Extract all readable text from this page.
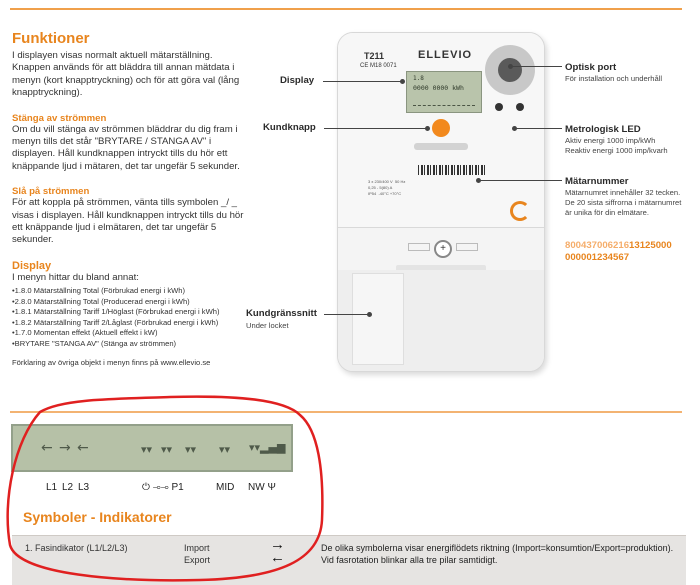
Funktioner
I displayen visas normalt aktuell mätarställning. Knappen används för att bläddra till annan mätdata i menyn (kort knapptryckning) och för att göra val (lång knapptryckning).
Stänga av strömmen
Om du vill stänga av strömmen bläddrar du dig fram i menyn tills det står "BRYTARE / STANGA AV" i displayen. Håll kundknappen intryckt tills du hör ett knäppande ljud i mätaren, det tar ungefär 5 sekunder.
Slå på strömmen
För att koppla på strömmen, vänta tills symbolen _/ _ visas i displayen. Håll kundknappen intryckt tills du hör ett knäppande ljud i elmätaren, det tar ungefär 5 sekunder.
Display
I menyn hittar du bland annat:
• 1.8.0 Mätarställning Total (Förbrukad energi i kWh)
• 2.8.0 Mätarställning Total (Producerad energi i kWh)
• 1.8.1 Mätarställning Tariff 1/Höglast (Förbrukad energi i kWh)
• 1.8.2 Mätarställning Tariff 2/Låglast (Förbrukad energi i kWh)
• 1.7.0 Momentan effekt (Aktuell effekt i kW)
• BRYTARE "STANGA AV" (Stänga av strömmen)
Förklaring av övriga objekt i menyn finns på www.ellevio.se
T211	ELLEVIO
CE M18 0071
1.8
0000 0000 kWh
3 x 230/400 V  50 Hz
0,25 - 5(80) A
IP54  -40°C +70°C
+
Display
Kundknapp
Kundgränssnitt
Under locket
Optisk port
För installation och underhåll
Metrologisk LED
Aktiv energi 1000 imp/kWh
Reaktiv energi 1000 imp/kvarh
Mätarnummer
Mätarnumret innehåller 32 tecken. De 20 sista siffrorna i mätarnumret är unika för din elmätare.
80043700621613125000
000001234567
← → ←	▾▾ ▾▾ ▾▾ ▾▾ ▾▾▂▄▆
L1 L2 L3	⏻ ⊸⊸ P1	MID NW Ψ
Symboler - Indikatorer
1. Fasindikator (L1/L2/L3)	Import
Export
→
←
De olika symbolerna visar energiflödets riktning (Import=konsumtion/Export=produktion). Vid fasrotation blinkar alla tre pilar samtidigt.
